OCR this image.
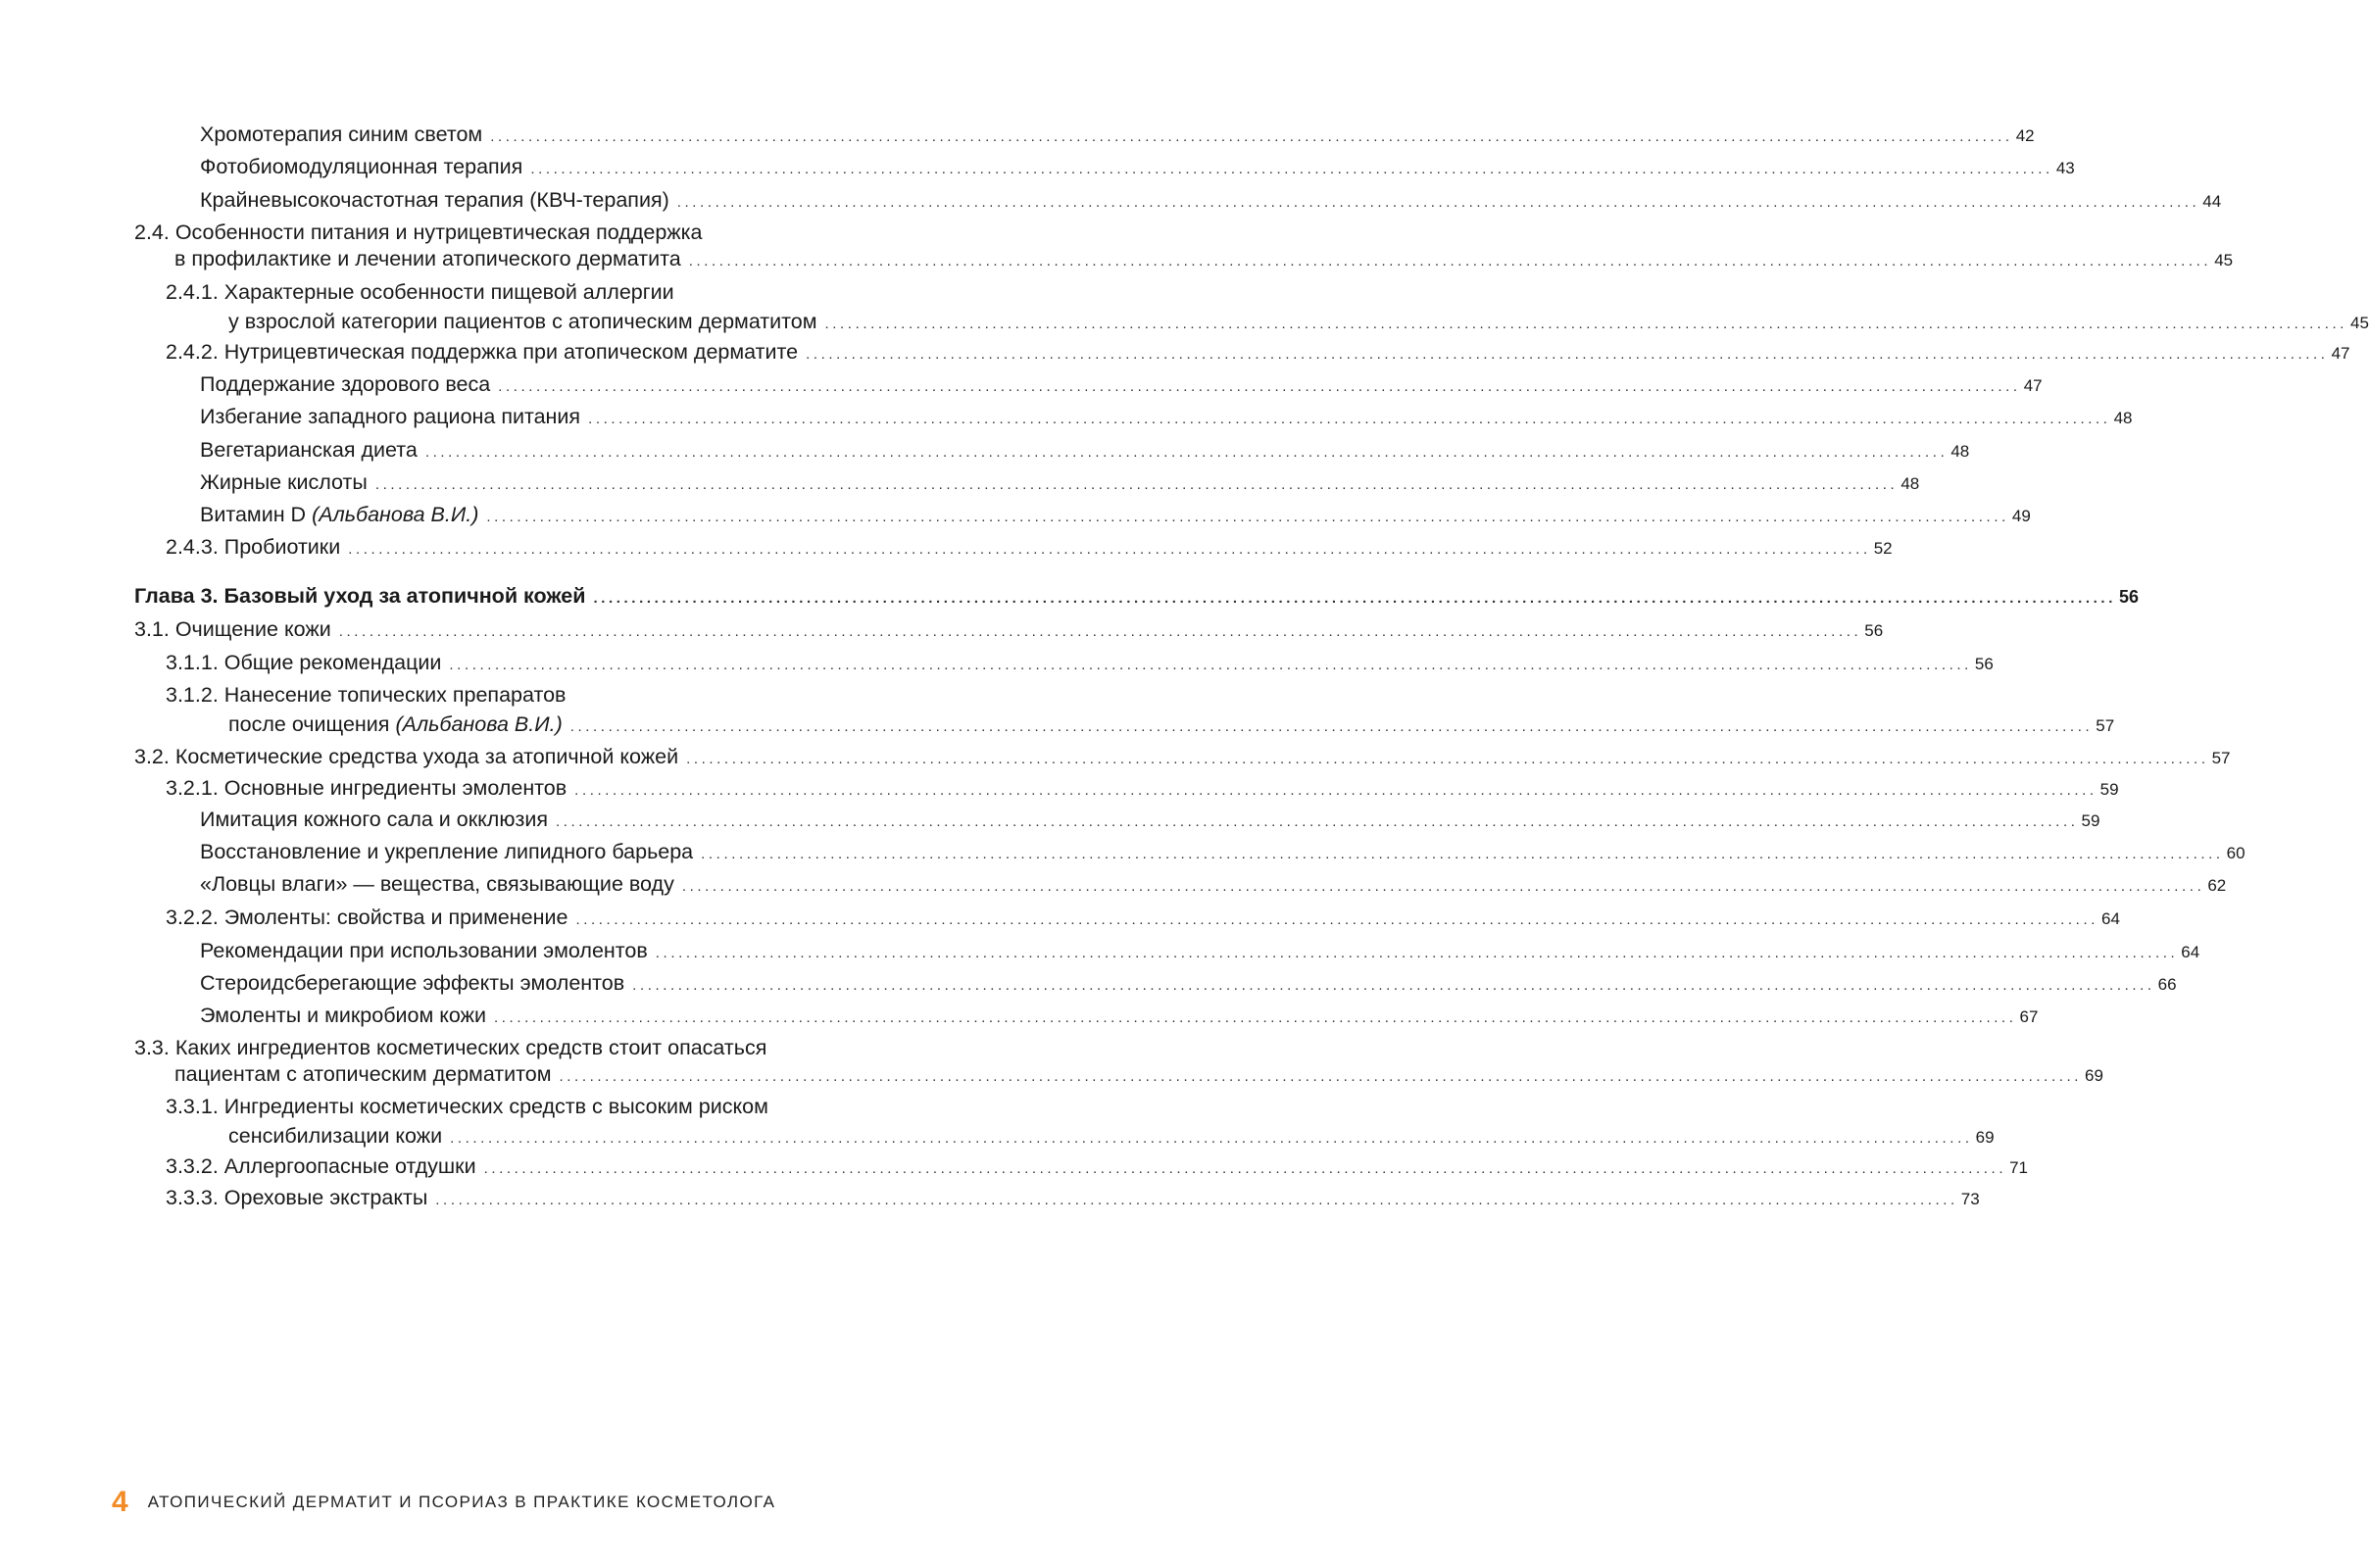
Хромотерапия синим светом ........................................................................................................................................................................................................ 42
Фотобиомодуляционная терапия ........................................................................................................................................................................................................ 43
Крайневысокочастотная терапия (КВЧ-терапия) ........................................................................................................................................................................................................ 44
2.4. Особенности питания и нутрицевтическая поддержка
в профилактике и лечении атопического дерматита ........................................................................................................................................................................................................ 45
2.4.1. Характерные особенности пищевой аллергии
у взрослой категории пациентов с атопическим дерматитом ........................................................................................................................................................................................................ 45
2.4.2. Нутрицевтическая поддержка при атопическом дерматите ........................................................................................................................................................................................................ 47
Поддержание здорового веса ........................................................................................................................................................................................................ 47
Избегание западного рациона питания ........................................................................................................................................................................................................ 48
Вегетарианская диета ........................................................................................................................................................................................................ 48
Жирные кислоты ........................................................................................................................................................................................................ 48
Витамин D (Альбанова В.И.) ........................................................................................................................................................................................................ 49
2.4.3. Пробиотики ........................................................................................................................................................................................................ 52
Глава 3. Базовый уход за атопичной кожей ........................................................................................................................................................................................................ 56
3.1. Очищение кожи ........................................................................................................................................................................................................ 56
3.1.1. Общие рекомендации ........................................................................................................................................................................................................ 56
3.1.2. Нанесение топических препаратов
после очищения (Альбанова В.И.) ........................................................................................................................................................................................................ 57
3.2. Косметические средства ухода за атопичной кожей ........................................................................................................................................................................................................ 57
3.2.1. Основные ингредиенты эмолентов ........................................................................................................................................................................................................ 59
Имитация кожного сала и окклюзия ........................................................................................................................................................................................................ 59
Восстановление и укрепление липидного барьера ........................................................................................................................................................................................................ 60
«Ловцы влаги» — вещества, связывающие воду ........................................................................................................................................................................................................ 62
3.2.2. Эмоленты: свойства и применение ........................................................................................................................................................................................................ 64
Рекомендации при использовании эмолентов ........................................................................................................................................................................................................ 64
Стероидсберегающие эффекты эмолентов ........................................................................................................................................................................................................ 66
Эмоленты и микробиом кожи ........................................................................................................................................................................................................ 67
3.3. Каких ингредиентов косметических средств стоит опасаться
пациентам с атопическим дерматитом ........................................................................................................................................................................................................ 69
3.3.1. Ингредиенты косметических средств с высоким риском
сенсибилизации кожи ........................................................................................................................................................................................................ 69
3.3.2. Аллергоопасные отдушки ........................................................................................................................................................................................................ 71
3.3.3. Ореховые экстракты ........................................................................................................................................................................................................ 73
4 АТОПИЧЕСКИЙ ДЕРМАТИТ И ПСОРИАЗ В ПРАКТИКЕ КОСМЕТОЛОГА
